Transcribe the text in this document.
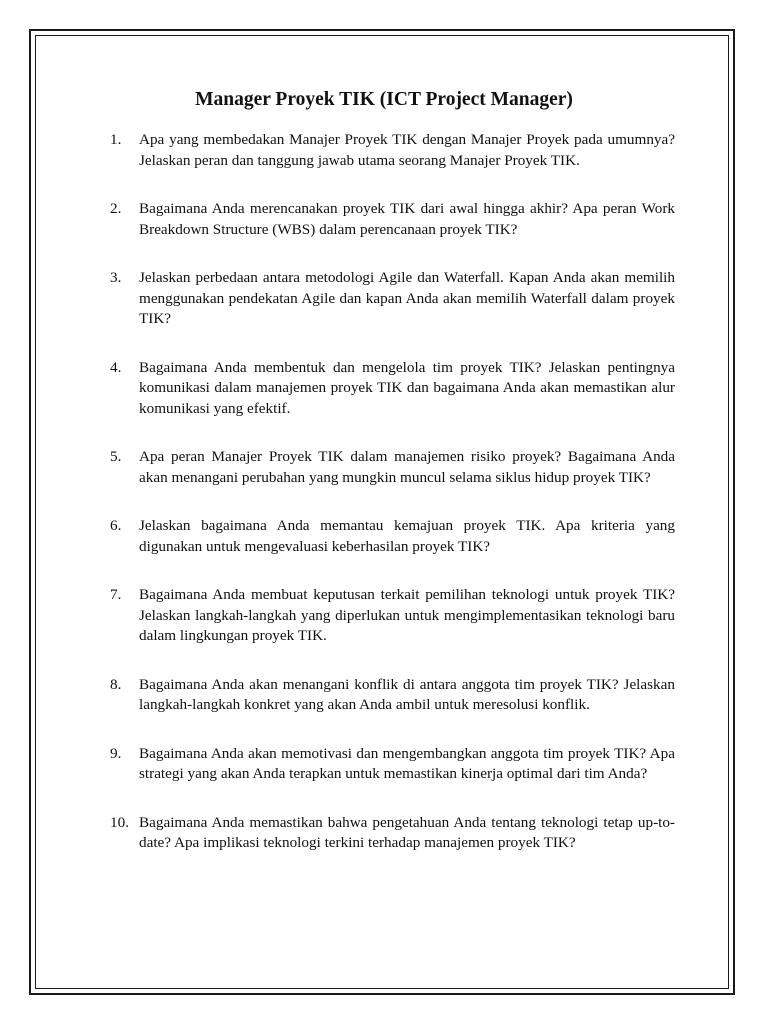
Manager Proyek TIK (ICT Project Manager)
1. Apa yang membedakan Manajer Proyek TIK dengan Manajer Proyek pada umumnya? Jelaskan peran dan tanggung jawab utama seorang Manajer Proyek TIK.
2. Bagaimana Anda merencanakan proyek TIK dari awal hingga akhir? Apa peran Work Breakdown Structure (WBS) dalam perencanaan proyek TIK?
3. Jelaskan perbedaan antara metodologi Agile dan Waterfall. Kapan Anda akan memilih menggunakan pendekatan Agile dan kapan Anda akan memilih Waterfall dalam proyek TIK?
4. Bagaimana Anda membentuk dan mengelola tim proyek TIK? Jelaskan pentingnya komunikasi dalam manajemen proyek TIK dan bagaimana Anda akan memastikan alur komunikasi yang efektif.
5. Apa peran Manajer Proyek TIK dalam manajemen risiko proyek? Bagaimana Anda akan menangani perubahan yang mungkin muncul selama siklus hidup proyek TIK?
6. Jelaskan bagaimana Anda memantau kemajuan proyek TIK. Apa kriteria yang digunakan untuk mengevaluasi keberhasilan proyek TIK?
7. Bagaimana Anda membuat keputusan terkait pemilihan teknologi untuk proyek TIK? Jelaskan langkah-langkah yang diperlukan untuk mengimplementasikan teknologi baru dalam lingkungan proyek TIK.
8. Bagaimana Anda akan menangani konflik di antara anggota tim proyek TIK? Jelaskan langkah-langkah konkret yang akan Anda ambil untuk meresolusi konflik.
9. Bagaimana Anda akan memotivasi dan mengembangkan anggota tim proyek TIK? Apa strategi yang akan Anda terapkan untuk memastikan kinerja optimal dari tim Anda?
10. Bagaimana Anda memastikan bahwa pengetahuan Anda tentang teknologi tetap up-to-date? Apa implikasi teknologi terkini terhadap manajemen proyek TIK?
